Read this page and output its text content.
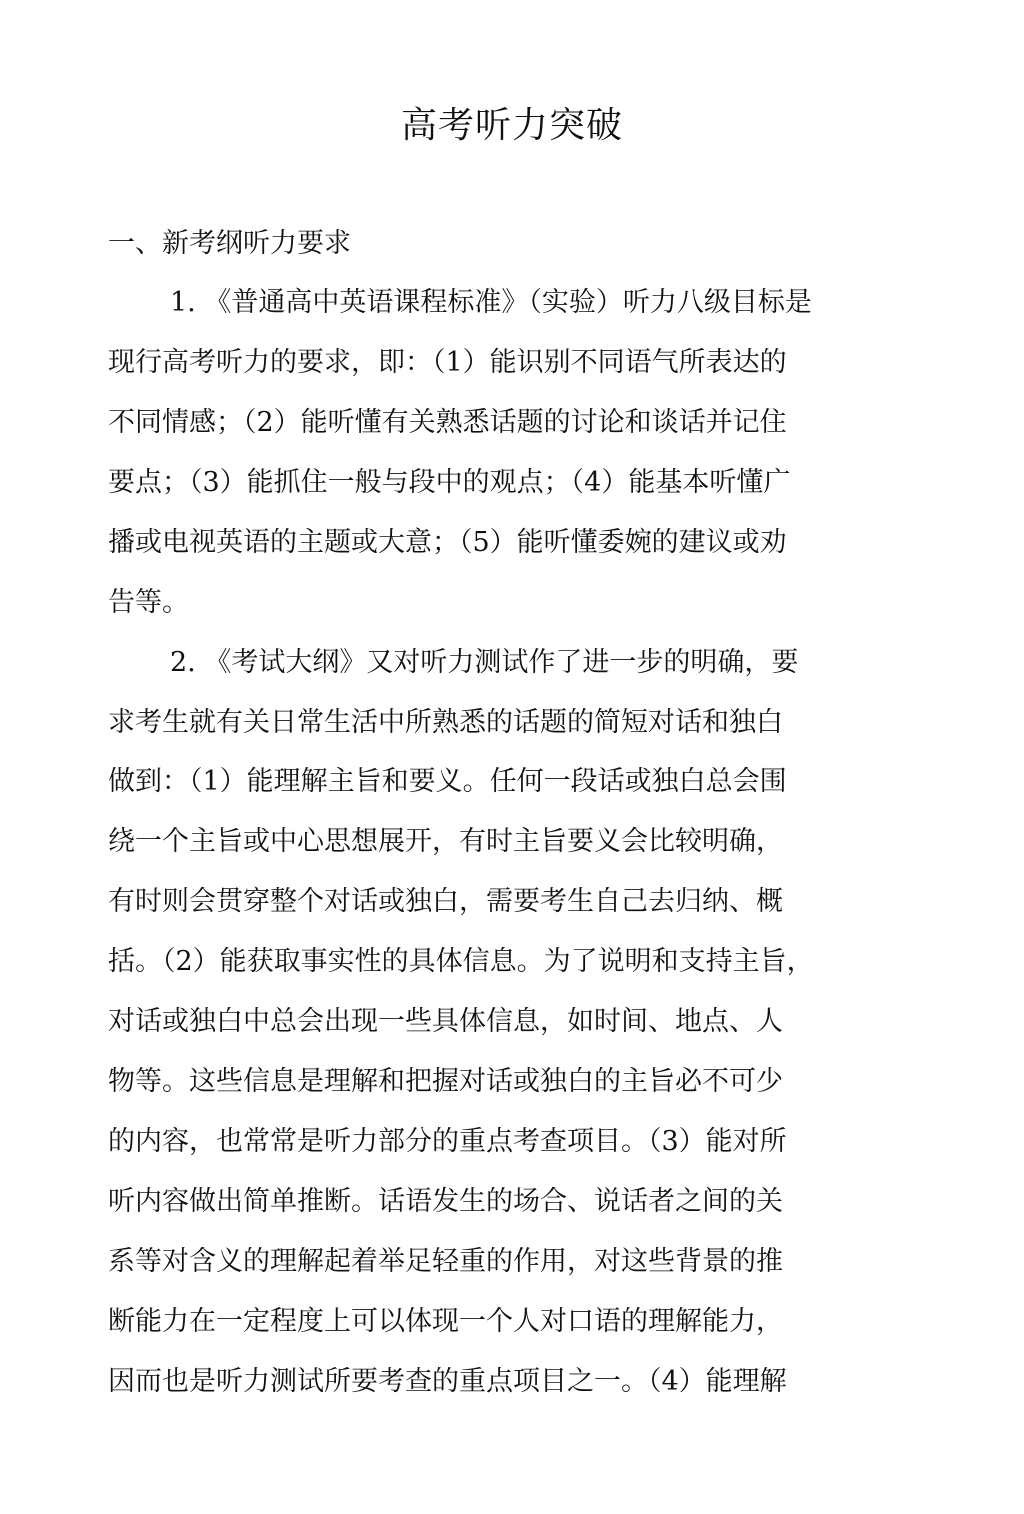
高考听力突破
一、新考纲听力要求

1. 《普通高中英语课程标准》（实验）听力八级目标是

现行高考听力的要求，即：（1）能识别不同语气所表达的

不同情感；（2）能听懂有关熟悉话题的讨论和谈话并记住

要点；（3）能抓住一般与段中的观点；（4）能基本听懂广

播或电视英语的主题或大意；（5）能听懂委婉的建议或劝

告等。

2. 《考试大纲》又对听力测试作了进一步的明确，要

求考生就有关日常生活中所熟悉的话题的简短对话和独白

做到：（1）能理解主旨和要义。任何一段话或独白总会围

绕一个主旨或中心思想展开，有时主旨要义会比较明确，

有时则会贯穿整个对话或独白，需要考生自己去归纳、概

括。（2）能获取事实性的具体信息。为了说明和支持主旨，

对话或独白中总会出现一些具体信息，如时间、地点、人

物等。这些信息是理解和把握对话或独白的主旨必不可少

的内容，也常常是听力部分的重点考查项目。（3）能对所

听内容做出简单推断。话语发生的场合、说话者之间的关

系等对含义的理解起着举足轻重的作用，对这些背景的推

断能力在一定程度上可以体现一个人对口语的理解能力，

因而也是听力测试所要考查的重点项目之一。（4）能理解
